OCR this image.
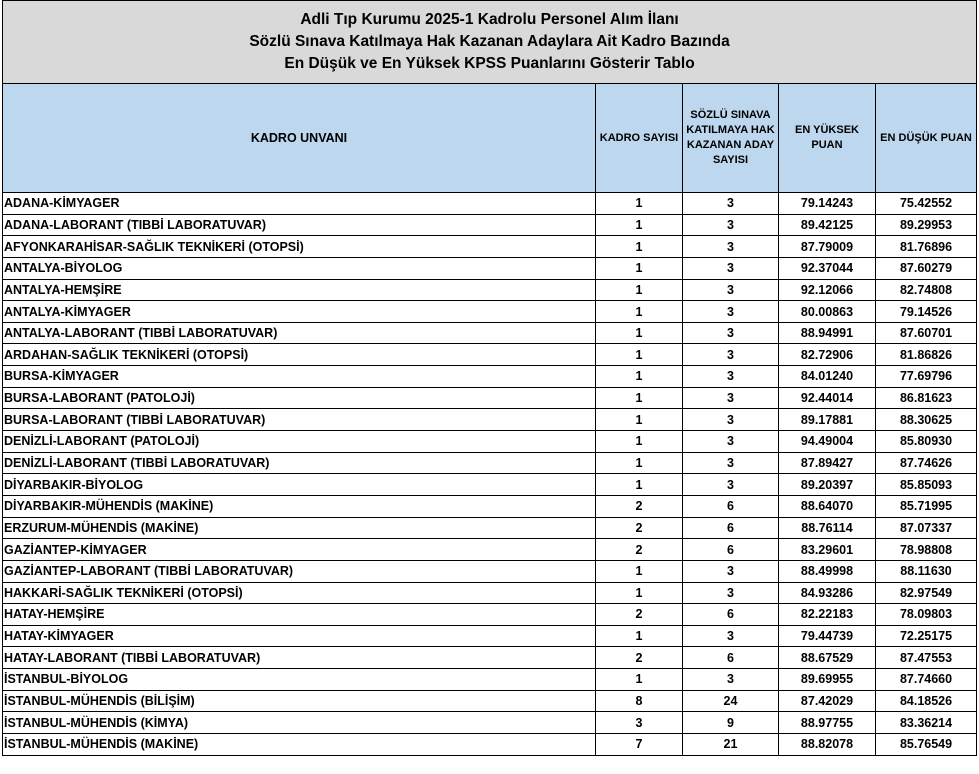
Adli Tıp Kurumu 2025-1 Kadrolu Personel Alım İlanı
Sözlü Sınava Katılmaya Hak Kazanan Adaylara Ait Kadro Bazında
En Düşük ve En Yüksek KPSS Puanlarını Gösterir Tablo				

KADRO UNVANI	KADRO SAYISI	SÖZLÜ SINAVA KATILMAYA HAK KAZANAN ADAY SAYISI	EN YÜKSEK PUAN	EN DÜŞÜK PUAN
ADANA-KİMYAGER	1	3	79.14243	75.42552
ADANA-LABORANT (TIBBİ LABORATUVAR)	1	3	89.42125	89.29953
AFYONKARAHİSAR-SAĞLIK TEKNİKERİ (OTOPSİ)	1	3	87.79009	81.76896
ANTALYA-BİYOLOG	1	3	92.37044	87.60279
ANTALYA-HEMŞİRE	1	3	92.12066	82.74808
ANTALYA-KİMYAGER	1	3	80.00863	79.14526
ANTALYA-LABORANT (TIBBİ LABORATUVAR)	1	3	88.94991	87.60701
ARDAHAN-SAĞLIK TEKNİKERİ (OTOPSİ)	1	3	82.72906	81.86826
BURSA-KİMYAGER	1	3	84.01240	77.69796
BURSA-LABORANT (PATOLOJİ)	1	3	92.44014	86.81623
BURSA-LABORANT (TIBBİ LABORATUVAR)	1	3	89.17881	88.30625
DENİZLİ-LABORANT (PATOLOJİ)	1	3	94.49004	85.80930
DENİZLİ-LABORANT (TIBBİ LABORATUVAR)	1	3	87.89427	87.74626
DİYARBAKIR-BİYOLOG	1	3	89.20397	85.85093
DİYARBAKIR-MÜHENDİS (MAKİNE)	2	6	88.64070	85.71995
ERZURUM-MÜHENDİS (MAKİNE)	2	6	88.76114	87.07337
GAZİANTEP-KİMYAGER	2	6	83.29601	78.98808
GAZİANTEP-LABORANT (TIBBİ LABORATUVAR)	1	3	88.49998	88.11630
HAKKARİ-SAĞLIK TEKNİKERİ (OTOPSİ)	1	3	84.93286	82.97549
HATAY-HEMŞİRE	2	6	82.22183	78.09803
HATAY-KİMYAGER	1	3	79.44739	72.25175
HATAY-LABORANT (TIBBİ LABORATUVAR)	2	6	88.67529	87.47553
İSTANBUL-BİYOLOG	1	3	89.69955	87.74660
İSTANBUL-MÜHENDİS (BİLİŞİM)	8	24	87.42029	84.18526
İSTANBUL-MÜHENDİS (KİMYA)	3	9	88.97755	83.36214
İSTANBUL-MÜHENDİS (MAKİNE)	7	21	88.82078	85.76549
